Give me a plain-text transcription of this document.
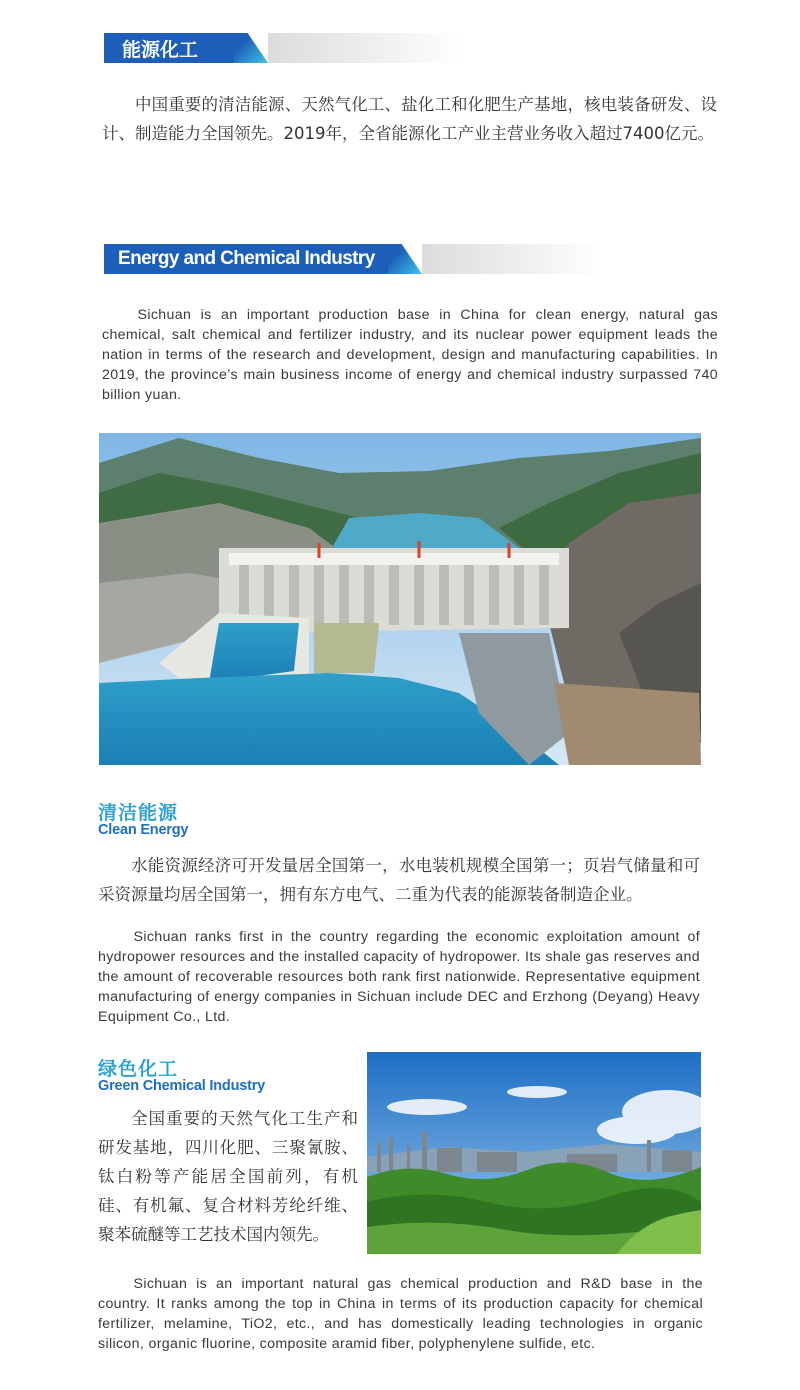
能源化工

中国重要的清洁能源、天然气化工、盐化工和化肥生产基地，核电装备研发、设计、制造能力全国领先。2019年，全省能源化工产业主营业务收入超过7400亿元。

Energy and Chemical Industry

Sichuan is an important production base in China for clean energy, natural gas chemical, salt chemical and fertilizer industry, and its nuclear power equipment leads the nation in terms of the research and development, design and manufacturing capabilities. In 2019, the province’s main business income of energy and chemical industry surpassed 740 billion yuan.

清洁能源
Clean Energy

水能资源经济可开发量居全国第一，水电装机规模全国第一；页岩气储量和可采资源量均居全国第一，拥有东方电气、二重为代表的能源装备制造企业。

Sichuan ranks first in the country regarding the economic exploitation amount of hydropower resources and the installed capacity of hydropower. Its shale gas reserves and the amount of recoverable resources both rank first nationwide. Representative equipment manufacturing of energy companies in Sichuan include DEC and Erzhong (Deyang) Heavy Equipment Co., Ltd.

绿色化工
Green Chemical Industry

全国重要的天然气化工生产和研发基地，四川化肥、三聚氰胺、钛白粉等产能居全国前列，有机硅、有机氟、复合材料芳纶纤维、聚苯硫醚等工艺技术国内领先。

Sichuan is an important natural gas chemical production and R&D base in the country. It ranks among the top in China in terms of its production capacity for chemical fertilizer, melamine, TiO2, etc., and has domestically leading technologies in organic silicon, organic fluorine, composite aramid fiber, polyphenylene sulfide, etc.
